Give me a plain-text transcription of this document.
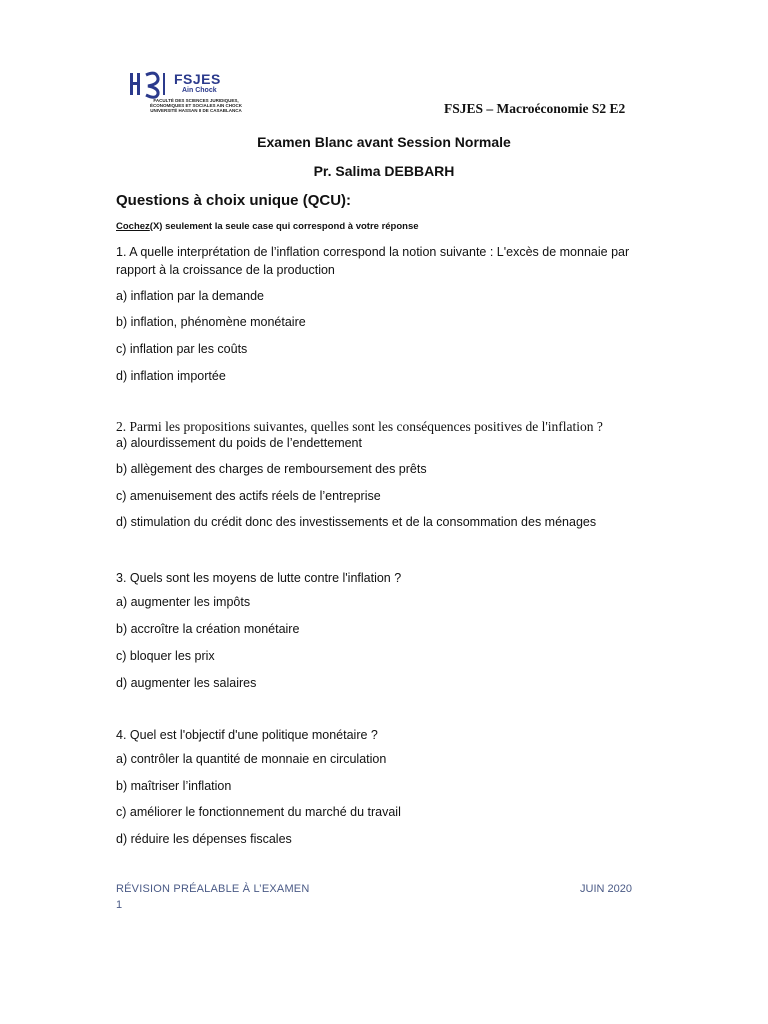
FSJES
Ain Chock
FACULTÉ DES SCIENCES JURIDIQUES,
ÉCONOMIQUES ET SOCIALES AIN CHOCK
UNIVERSITÉ HASSAN II DE CASABLANCA	FSJES – Macroéconomie S2 E2
Examen Blanc avant Session Normale
Pr. Salima DEBBARH
Questions à choix unique (QCU):
Cochez(X) seulement la seule case qui correspond à votre réponse
1. A quelle interprétation de l’inflation correspond la notion suivante : L'excès de monnaie par rapport à la croissance de la production
a) inflation par la demande
b) inflation, phénomène monétaire
c) inflation par les coûts
d) inflation importée
2. Parmi les propositions suivantes, quelles sont les conséquences positives de l'inflation ?
a) alourdissement du poids de l’endettement
b) allègement des charges de remboursement des prêts
c) amenuisement des actifs réels de l’entreprise
d) stimulation du crédit donc des investissements et de la consommation des ménages
3. Quels sont les moyens de lutte contre l'inflation ?
a) augmenter les impôts
b) accroître la création monétaire
c) bloquer les prix
d) augmenter les salaires
4. Quel est l'objectif d'une politique monétaire ?
a) contrôler la quantité de monnaie en circulation
b) maîtriser l’inflation
c) améliorer le fonctionnement du marché du travail
d) réduire les dépenses fiscales
RÉVISION PRÉALABLE À L’EXAMEN	JUIN 2020
1
